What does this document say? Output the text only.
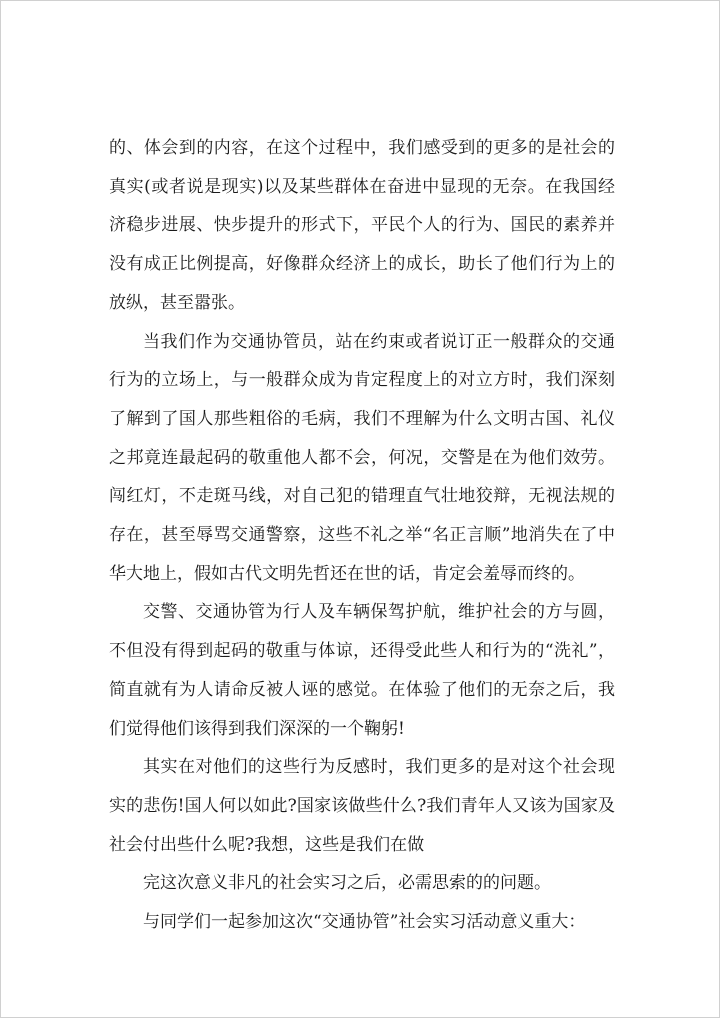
的、体会到的内容，在这个过程中，我们感受到的更多的是社会的真实(或者说是现实)以及某些群体在奋进中显现的无奈。在我国经济稳步进展、快步提升的形式下，平民个人的行为、国民的素养并没有成正比例提高，好像群众经济上的成长，助长了他们行为上的放纵，甚至嚣张。

当我们作为交通协管员，站在约束或者说订正一般群众的交通行为的立场上，与一般群众成为肯定程度上的对立方时，我们深刻了解到了国人那些粗俗的毛病，我们不理解为什么文明古国、礼仪之邦竟连最起码的敬重他人都不会，何况，交警是在为他们效劳。闯红灯，不走斑马线，对自己犯的错理直气壮地狡辩，无视法规的存在，甚至辱骂交通警察，这些不礼之举“名正言顺”地消失在了中华大地上，假如古代文明先哲还在世的话，肯定会羞辱而终的。

交警、交通协管为行人及车辆保驾护航，维护社会的方与圆，不但没有得到起码的敬重与体谅，还得受此些人和行为的“洗礼”，简直就有为人请命反被人诬的感觉。在体验了他们的无奈之后，我们觉得他们该得到我们深深的一个鞠躬!

其实在对他们的这些行为反感时，我们更多的是对这个社会现实的悲伤!国人何以如此?国家该做些什么?我们青年人又该为国家及社会付出些什么呢?我想，这些是我们在做

完这次意义非凡的社会实习之后，必需思索的的问题。

与同学们一起参加这次“交通协管”社会实习活动意义重大：
